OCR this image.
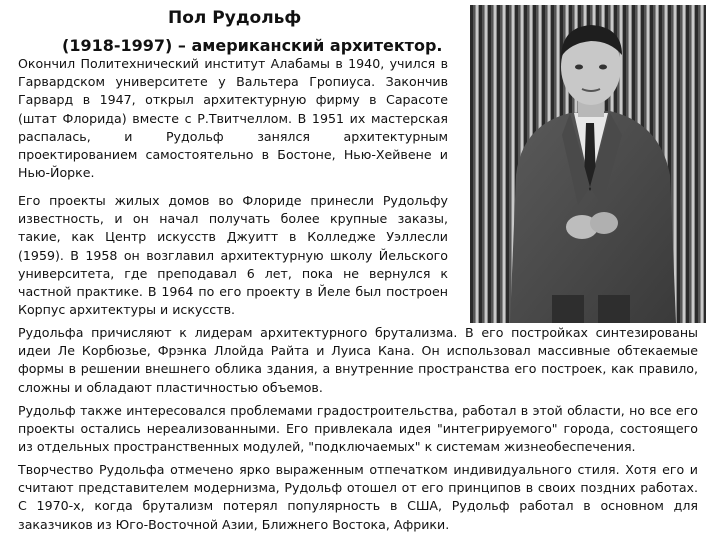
Пол Рудольф
(1918-1997) – американский архитектор.

Окончил Политехнический институт Алабамы в 1940, учился в Гарвардском университете у Вальтера Гропиуса. Закончив Гарвард в 1947, открыл архитектурную фирму в Сарасоте (штат Флорида) вместе с Р.Твитчеллом. В 1951 их мастерская распалась, и Рудольф занялся архитектурным проектированием самостоятельно в Бостоне, Нью-Хейвене и Нью-Йорке.

Его проекты жилых домов во Флориде принесли Рудольфу известность, и он начал получать более крупные заказы, такие, как Центр искусств Джуитт в Колледже Уэллесли (1959). В 1958 он возглавил архитектурную школу Йельского университета, где преподавал 6 лет, пока не вернулся к частной практике. В 1964 по его проекту в Йеле был построен Корпус архитектуры и искусств.

Рудольфа причисляют к лидерам архитектурного брутализма. В его постройках синтезированы идеи Ле Корбюзье, Фрэнка Ллойда Райта и Луиса Кана. Он использовал массивные обтекаемые формы в решении внешнего облика здания, а внутренние пространства его построек, как правило, сложны и обладают пластичностью объемов.

Рудольф также интересовался проблемами градостроительства, работал в этой области, но все его проекты остались нереализованными. Его привлекала идея "интегрируемого" города, состоящего из отдельных пространственных модулей, "подключаемых" к системам жизнеобеспечения.

Творчество Рудольфа отмечено ярко выраженным отпечатком индивидуального стиля. Хотя его и считают представителем модернизма, Рудольф отошел от его принципов в своих поздних работах. С 1970-х, когда брутализм потерял популярность в США, Рудольф работал в основном для заказчиков из Юго-Восточной Азии, Ближнего Востока, Африки.
